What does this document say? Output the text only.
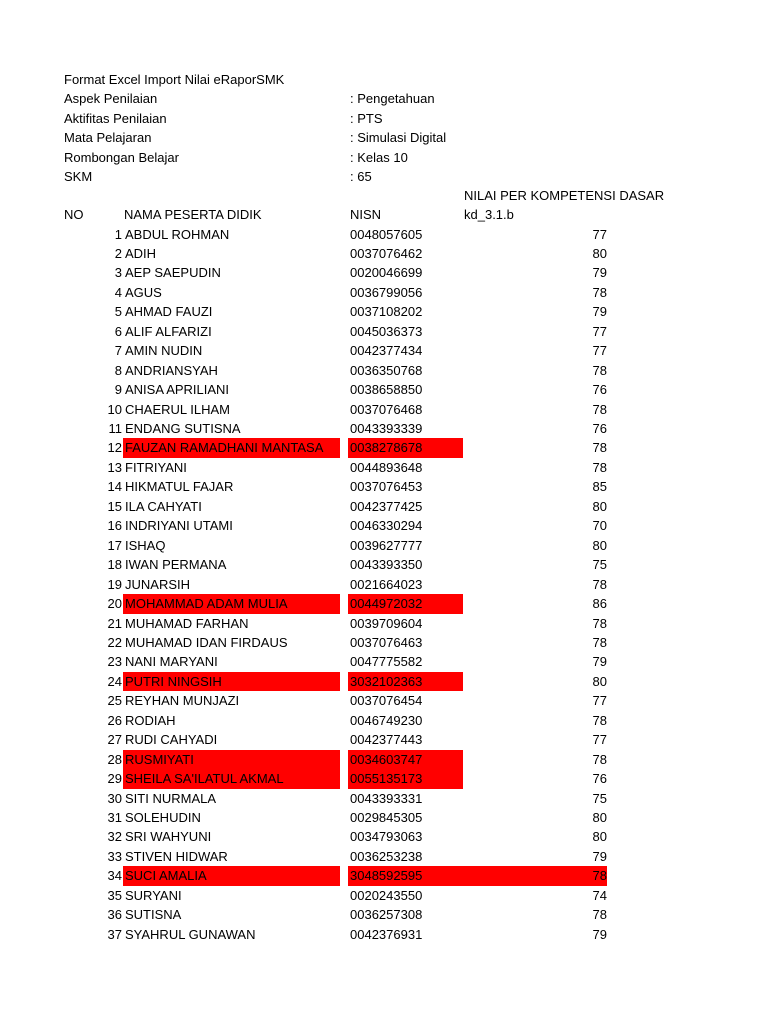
Format Excel Import Nilai eRaporSMK
Aspek Penilaian	: Pengetahuan
Aktifitas Penilaian	: PTS
Mata Pelajaran	: Simulasi Digital
Rombongan Belajar	: Kelas 10
SKM	: 65
NILAI PER KOMPETENSI DASAR
NO	NAMA PESERTA DIDIK	NISN	kd_3.1.b
1 ABDUL ROHMAN	0048057605	77
2 ADIH	0037076462	80
3 AEP SAEPUDIN	0020046699	79
4 AGUS	0036799056	78
5 AHMAD FAUZI	0037108202	79
6 ALIF ALFARIZI	0045036373	77
7 AMIN NUDIN	0042377434	77
8 ANDRIANSYAH	0036350768	78
9 ANISA APRILIANI	0038658850	76
10 CHAERUL ILHAM	0037076468	78
11 ENDANG SUTISNA	0043393339	76
12 FAUZAN RAMADHANI MANTASA	0038278678	78
13 FITRIYANI	0044893648	78
14 HIKMATUL FAJAR	0037076453	85
15 ILA CAHYATI	0042377425	80
16 INDRIYANI UTAMI	0046330294	70
17 ISHAQ	0039627777	80
18 IWAN PERMANA	0043393350	75
19 JUNARSIH	0021664023	78
20 MOHAMMAD ADAM MULIA	0044972032	86
21 MUHAMAD FARHAN	0039709604	78
22 MUHAMAD IDAN FIRDAUS	0037076463	78
23 NANI MARYANI	0047775582	79
24 PUTRI NINGSIH	3032102363	80
25 REYHAN MUNJAZI	0037076454	77
26 RODIAH	0046749230	78
27 RUDI CAHYADI	0042377443	77
28 RUSMIYATI	0034603747	78
29 SHEILA SA'ILATUL AKMAL	0055135173	76
30 SITI NURMALA	0043393331	75
31 SOLEHUDIN	0029845305	80
32 SRI WAHYUNI	0034793063	80
33 STIVEN HIDWAR	0036253238	79
34 SUCI AMALIA	3048592595	78
35 SURYANI	0020243550	74
36 SUTISNA	0036257308	78
37 SYAHRUL GUNAWAN	0042376931	79
